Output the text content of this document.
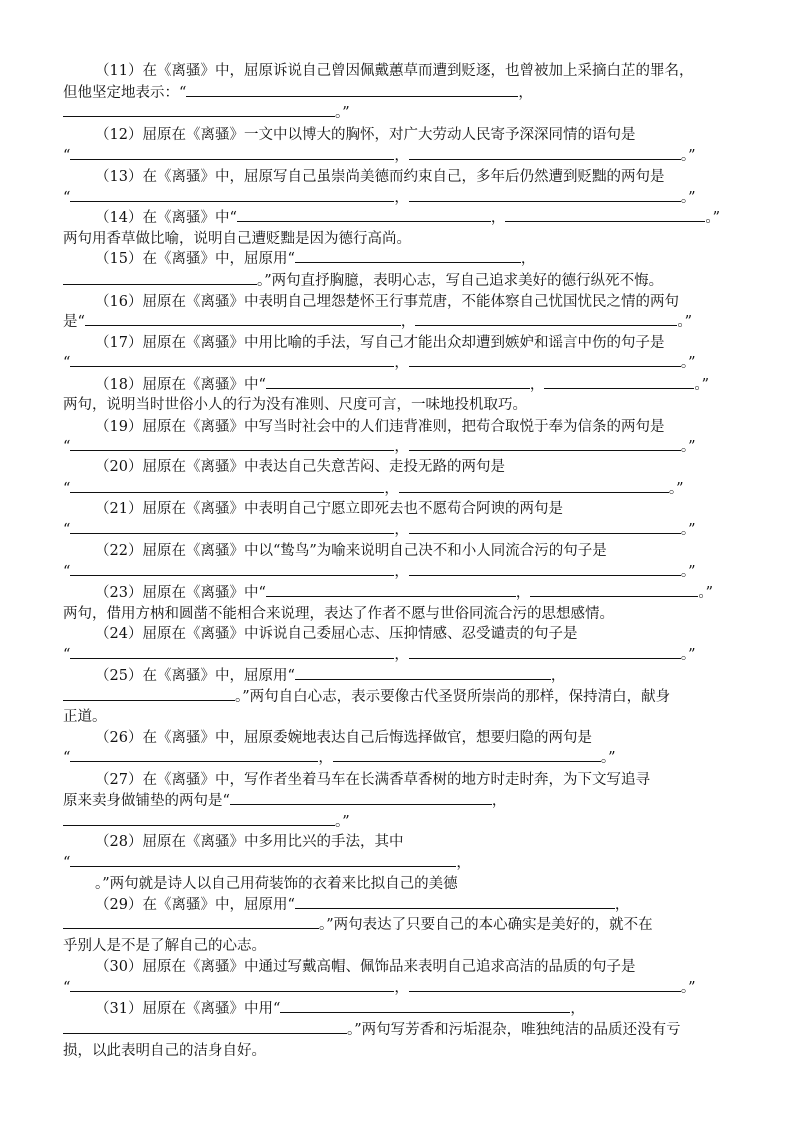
（11）在《离骚》中，屈原诉说自己曾因佩戴蕙草而遭到贬逐，也曾被加上采摘白芷的罪名，
但他坚定地表示：“	，
。”
（12）屈原在《离骚》一文中以博大的胸怀，对广大劳动人民寄予深深同情的语句是
“	，	。”
（13）在《离骚》中，屈原写自己虽崇尚美德而约束自己，多年后仍然遭到贬黜的两句是
“	，	。”
（14）在《离骚》中“	，	。”
两句用香草做比喻，说明自己遭贬黜是因为德行高尚。
（15）在《离骚》中，屈原用“	，
。”两句直抒胸臆，表明心志，写自己追求美好的德行纵死不悔。
（16）屈原在《离骚》中表明自己埋怨楚怀王行事荒唐，不能体察自己忧国忧民之情的两句
是“	，	。”
（17）屈原在《离骚》中用比喻的手法，写自己才能出众却遭到嫉妒和谣言中伤的句子是
“	，	。”
（18）屈原在《离骚》中“	，	。”
两句，说明当时世俗小人的行为没有准则、尺度可言，一味地投机取巧。
（19）屈原在《离骚》中写当时社会中的人们违背准则，把苟合取悦于奉为信条的两句是
“	，	。”
（20）屈原在《离骚》中表达自己失意苦闷、走投无路的两句是
“	，	。”
（21）屈原在《离骚》中表明自己宁愿立即死去也不愿苟合阿谀的两句是
“	，	。”
（22）屈原在《离骚》中以“鸷鸟”为喻来说明自己决不和小人同流合污的句子是
“	，	。”
（23）屈原在《离骚》中“	，	。”
两句，借用方枘和圆凿不能相合来说理，表达了作者不愿与世俗同流合污的思想感情。
（24）屈原在《离骚》中诉说自己委屈心志、压抑情感、忍受谴责的句子是
“	，	。”
（25）在《离骚》中，屈原用“	，
。”两句自白心志，表示要像古代圣贤所崇尚的那样，保持清白，献身
正道。
（26）在《离骚》中，屈原委婉地表达自己后悔选择做官，想要归隐的两句是
“	，	。”
（27）在《离骚》中，写作者坐着马车在长满香草香树的地方时走时奔，为下文写追寻
原来卖身做铺垫的两句是“	，
。”
（28）屈原在《离骚》中多用比兴的手法，其中
“	，
。”两句就是诗人以自己用荷装饰的衣着来比拟自己的美德
（29）在《离骚》中，屈原用“	，
。”两句表达了只要自己的本心确实是美好的，就不在
乎别人是不是了解自己的心志。
（30）屈原在《离骚》中通过写戴高帽、佩饰品来表明自己追求高洁的品质的句子是
“	，	。”
（31）屈原在《离骚》中用“	，
。”两句写芳香和污垢混杂，唯独纯洁的品质还没有亏
损，以此表明自己的洁身自好。
